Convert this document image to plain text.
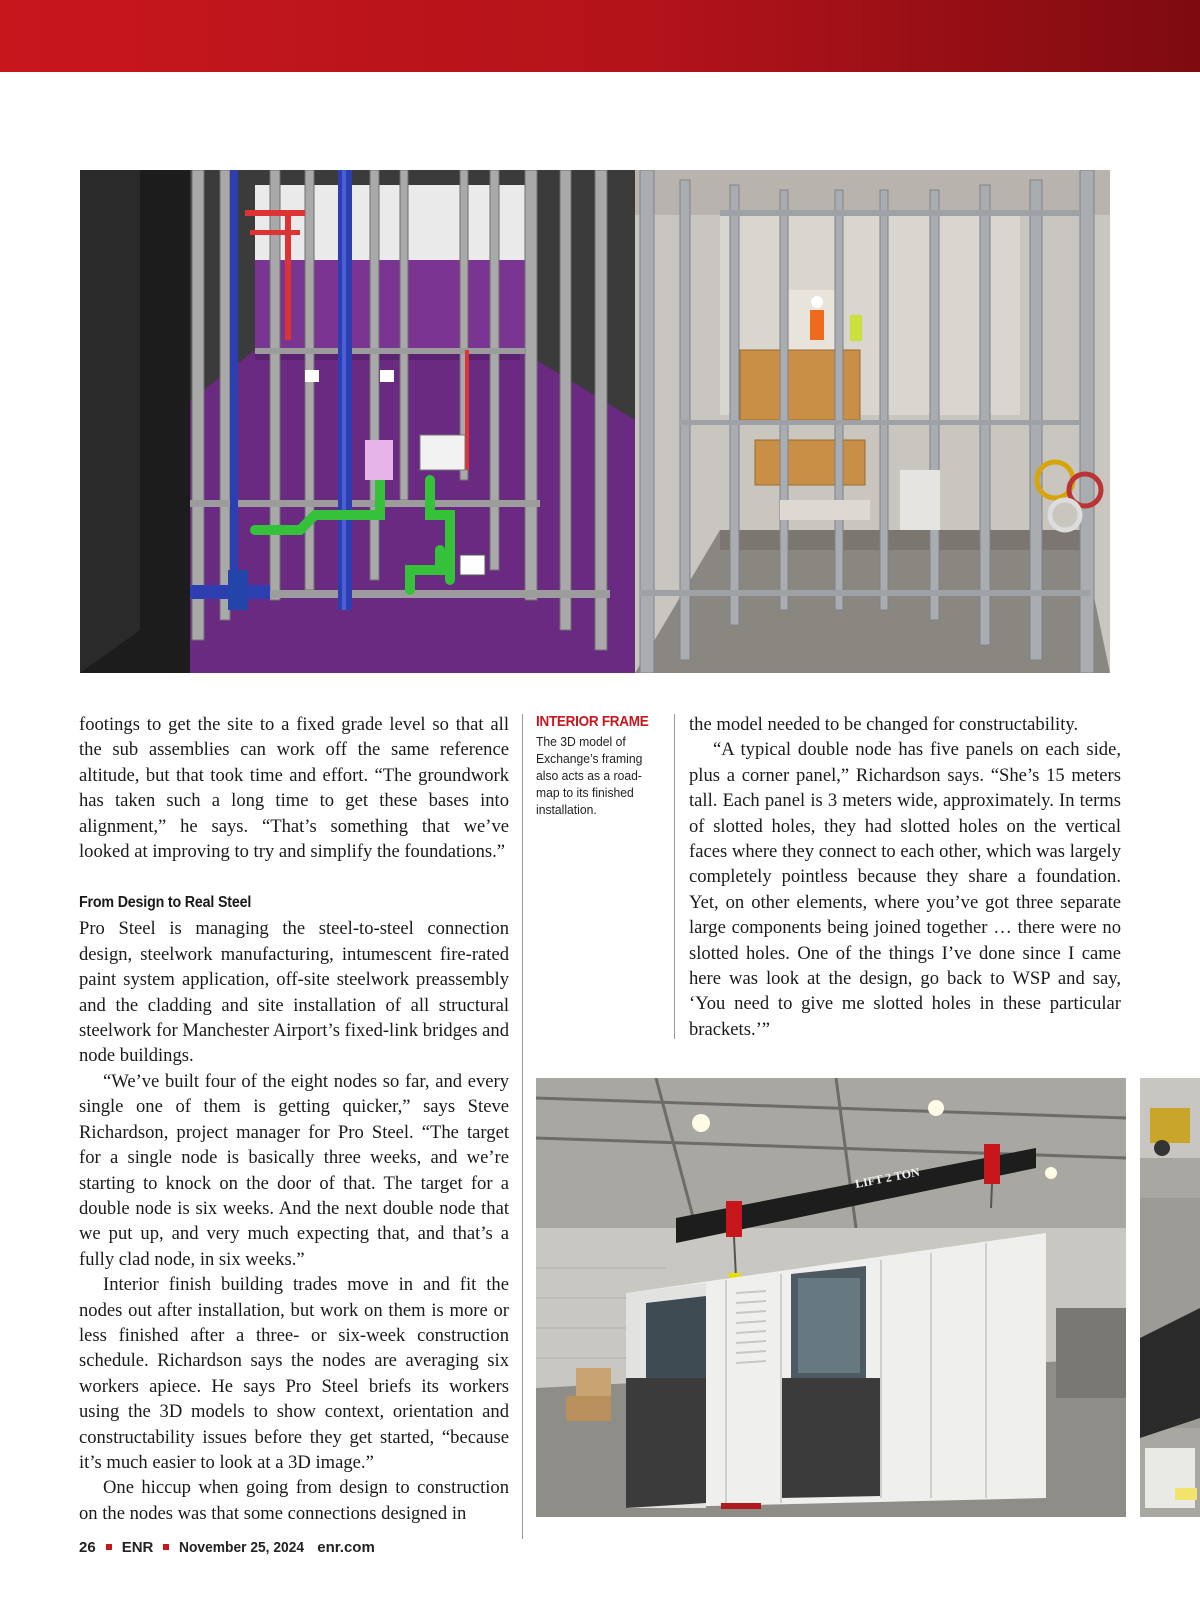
footings to get the site to a fixed grade level so that all the sub assemblies can work off the same reference altitude, but that took time and effort. “The groundwork has taken such a long time to get these bases into alignment,” he says. “That’s something that we’ve looked at improving to try and simplify the foundations.”

From Design to Real Steel

Pro Steel is managing the steel-to-steel connection design, steelwork manufacturing, intumescent fire-rated paint system application, off-site steelwork preassembly and the cladding and site installation of all structural steelwork for Manchester Airport’s fixed-link bridges and node buildings.

“We’ve built four of the eight nodes so far, and every single one of them is getting quicker,” says Steve Richardson, project manager for Pro Steel. “The target for a single node is basically three weeks, and we’re starting to knock on the door of that. The target for a double node is six weeks. And the next double node that we put up, and very much expecting that, and that’s a fully clad node, in six weeks.”

Interior finish building trades move in and fit the nodes out after installation, but work on them is more or less finished after a three- or six-week construction schedule. Richardson says the nodes are averaging six workers apiece. He says Pro Steel briefs its workers using the 3D models to show context, orientation and constructability issues before they get started, “because it’s much easier to look at a 3D image.”

One hiccup when going from design to construction on the nodes was that some connections designed in

INTERIOR FRAME
The 3D model of Exchange’s framing also acts as a road-map to its finished installation.

the model needed to be changed for constructability.

“A typical double node has five panels on each side, plus a corner panel,” Richardson says. “She’s 15 meters tall. Each panel is 3 meters wide, approximately. In terms of slotted holes, they had slotted holes on the vertical faces where they connect to each other, which was largely completely pointless because they share a foundation. Yet, on other elements, where you’ve got three separate large components being joined together … there were no slotted holes. One of the things I’ve done since I came here was look at the design, go back to WSP and say, ‘You need to give me slotted holes in these particular brackets.’”

LIFT 2 TON
26 ENR November 25, 2024 enr.com
